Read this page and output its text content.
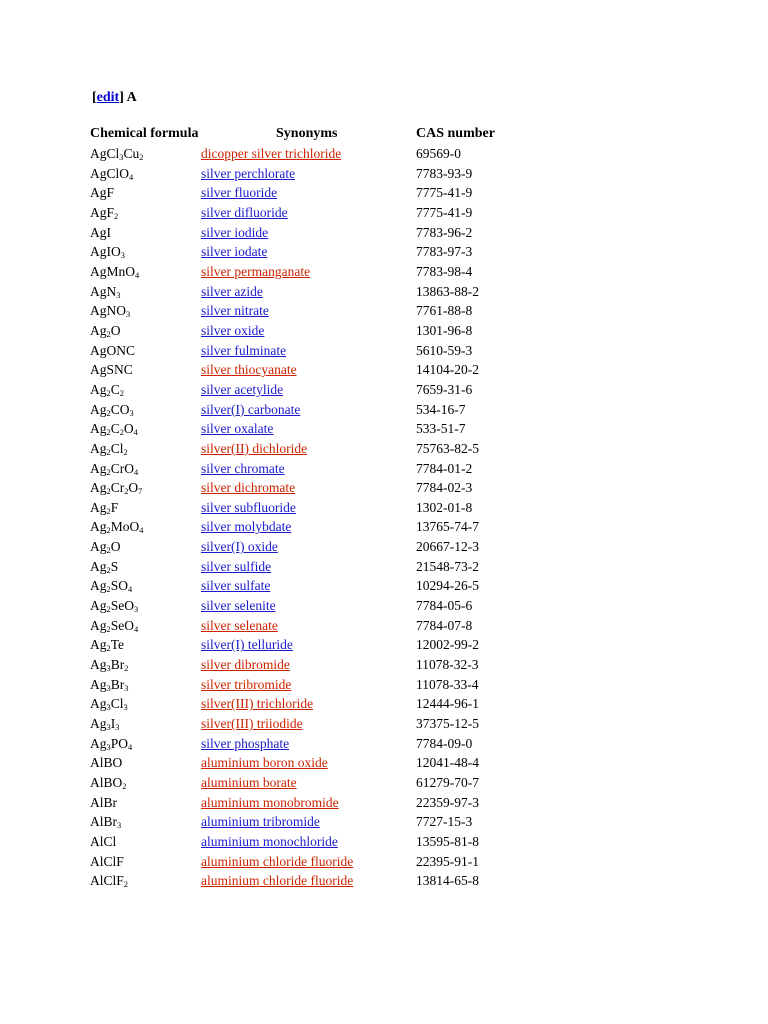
[edit] A
Chemical formula	Synonyms	CAS number
$AgCl_3Cu_2$	dicopper silver trichloride	69569-0
AgClO$_4$	silver perchlorate	7783-93-9
AgF	silver fluoride	7775-41-9
AgF$_2$	silver difluoride	7775-41-9
AgI	silver iodide	7783-96-2
AgIO$_3$	silver iodate	7783-97-3
AgMnO$_4$	silver permanganate	7783-98-4
AgN$_3$	silver azide	13863-88-2
AgNO$_3$	silver nitrate	7761-88-8
$Ag_2O$	silver oxide	1301-96-8
AgONC	silver fulminate	5610-59-3
AgSNC	silver thiocyanate	14104-20-2
$Ag_2C_2$	silver acetylide	7659-31-6
$Ag_2CO_3$	silver(I) carbonate	534-16-7
$Ag_2C_2O_4$	silver oxalate	533-51-7
$Ag_2Cl_2$	silver(II) dichloride	75763-82-5
$Ag_2CrO_4$	silver chromate	7784-01-2
$Ag_2Cr_2O_7$	silver dichromate	7784-02-3
$Ag_2F$	silver subfluoride	1302-01-8
$Ag_2MoO_4$	silver molybdate	13765-74-7
$Ag_2O$	silver(I) oxide	20667-12-3
$Ag_2S$	silver sulfide	21548-73-2
$Ag_2SO_4$	silver sulfate	10294-26-5
$Ag_2SeO_3$	silver selenite	7784-05-6
$Ag_2SeO_4$	silver selenate	7784-07-8
$Ag_2Te$	silver(I) telluride	12002-99-2
$Ag_3Br_2$	silver dibromide	11078-32-3
$Ag_3Br_3$	silver tribromide	11078-33-4
$Ag_3Cl_3$	silver(III) trichloride	12444-96-1
$Ag_3I_3$	silver(III) triiodide	37375-12-5
$Ag_3PO_4$	silver phosphate	7784-09-0
AlBO	aluminium boron oxide	12041-48-4
AlBO$_2$	aluminium borate	61279-70-7
AlBr	aluminium monobromide	22359-97-3
AlBr$_3$	aluminium tribromide	7727-15-3
AlCl	aluminium monochloride	13595-81-8
AlClF	aluminium chloride fluoride	22395-91-1
AlClF$_2$	aluminium chloride fluoride	13814-65-8
